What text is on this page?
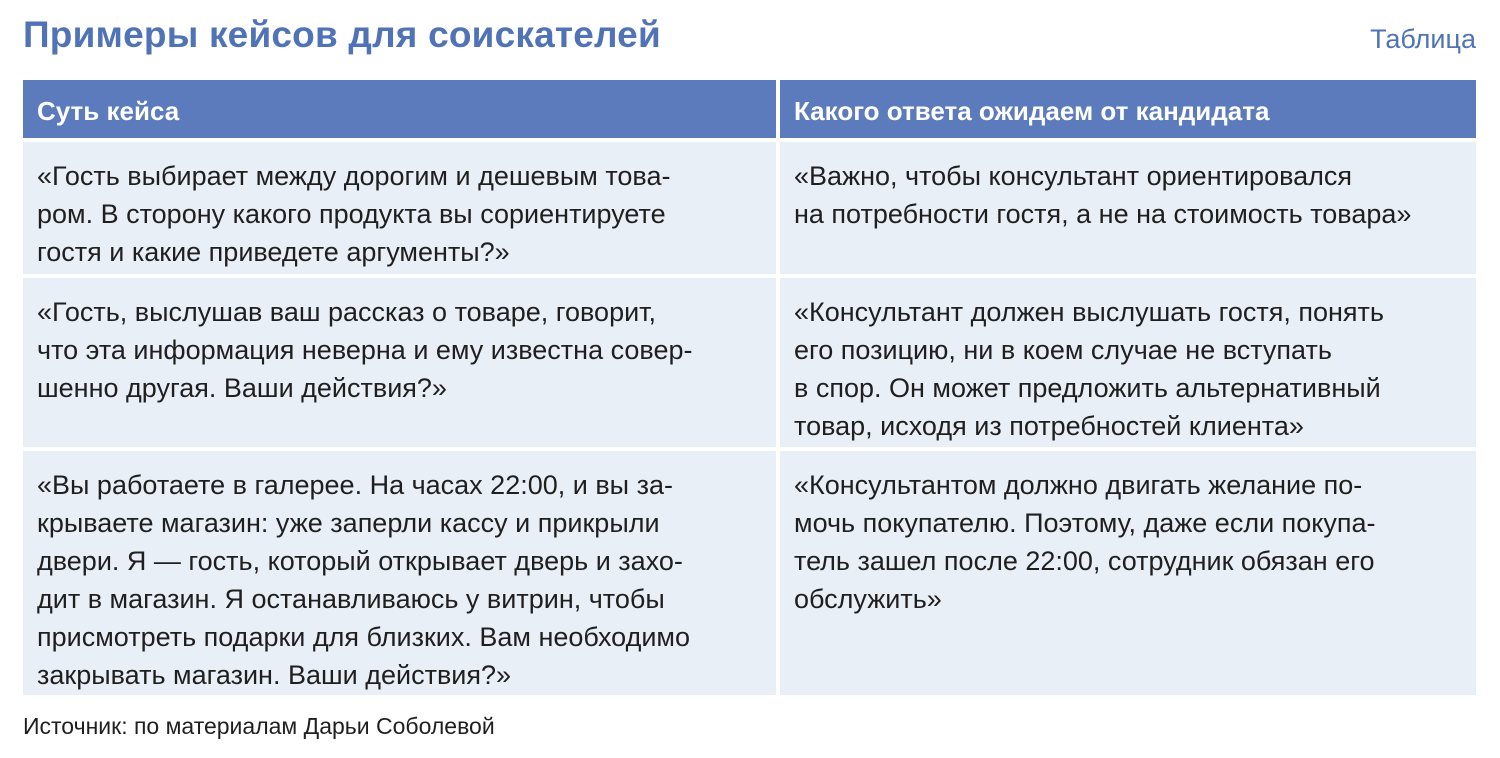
Примеры кейсов для соискателей	Таблица
Суть кейса	Какого ответа ожидаем от кандидата
«Гость выбирает между дорогим и дешевым това-
ром. В сторону какого продукта вы сориентируете
гостя и какие приведете аргументы?»
«Важно, чтобы консультант ориентировался
на потребности гостя, а не на стоимость товара»
«Гость, выслушав ваш рассказ о товаре, говорит,
что эта информация неверна и ему известна совер-
шенно другая. Ваши действия?»
«Консультант должен выслушать гостя, понять
его позицию, ни в коем случае не вступать
в спор. Он может предложить альтернативный
товар, исходя из потребностей клиента»
«Вы работаете в галерее. На часах 22:00, и вы за-
крываете магазин: уже заперли кассу и прикрыли
двери. Я — гость, который открывает дверь и захо-
дит в магазин. Я останавливаюсь у витрин, чтобы
присмотреть подарки для близких. Вам необходимо
закрывать магазин. Ваши действия?»
«Консультантом должно двигать желание по-
мочь покупателю. Поэтому, даже если покупа-
тель зашел после 22:00, сотрудник обязан его
обслужить»
Источник: по материалам Дарьи Соболевой
